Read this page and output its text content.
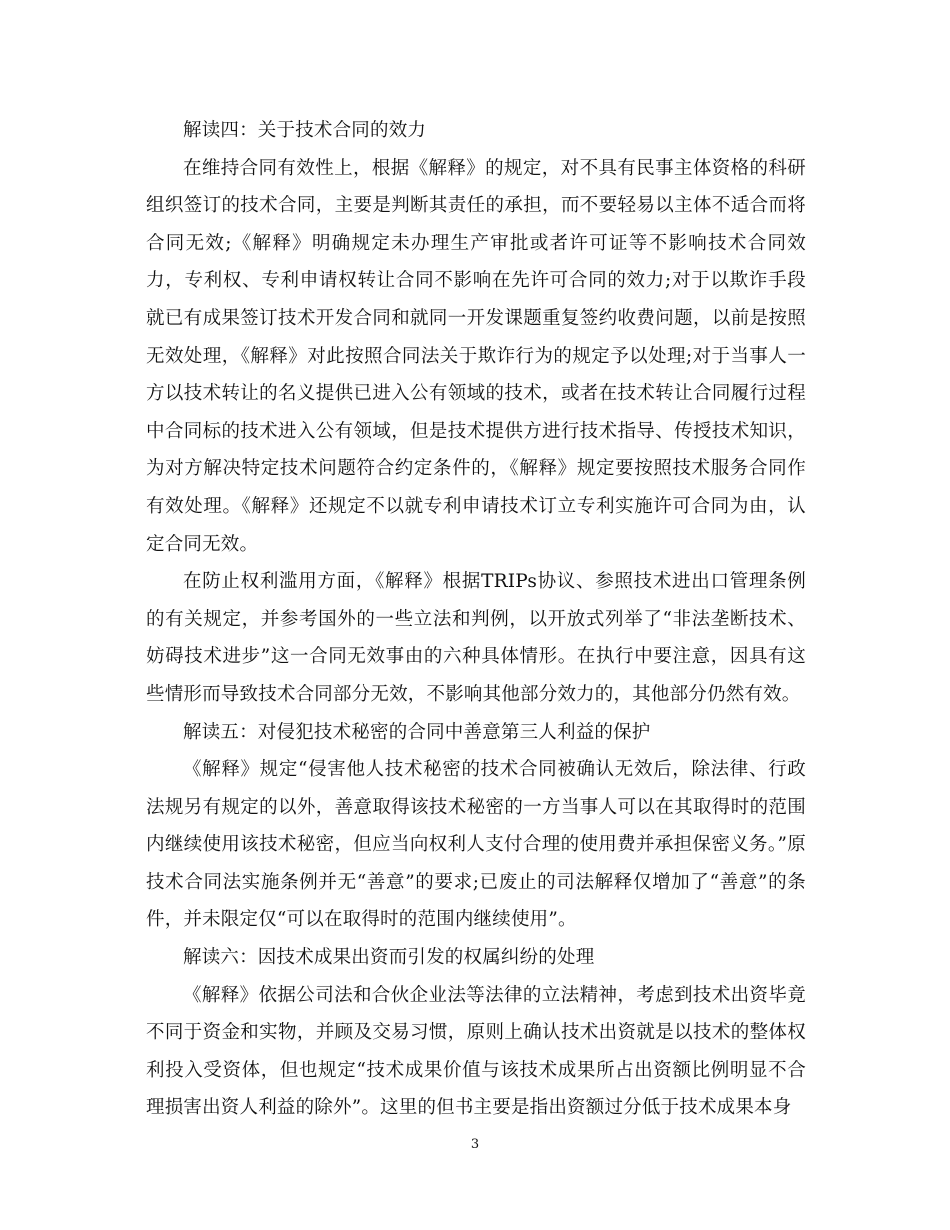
解读四：关于技术合同的效力

在维持合同有效性上，根据《解释》的规定，对不具有民事主体资格的科研组织签订的技术合同，主要是判断其责任的承担，而不要轻易以主体不适合而将合同无效;《解释》明确规定未办理生产审批或者许可证等不影响技术合同效力，专利权、专利申请权转让合同不影响在先许可合同的效力;对于以欺诈手段就已有成果签订技术开发合同和就同一开发课题重复签约收费问题，以前是按照无效处理，《解释》对此按照合同法关于欺诈行为的规定予以处理;对于当事人一方以技术转让的名义提供已进入公有领域的技术，或者在技术转让合同履行过程中合同标的技术进入公有领域，但是技术提供方进行技术指导、传授技术知识，为对方解决特定技术问题符合约定条件的，《解释》规定要按照技术服务合同作有效处理。《解释》还规定不以就专利申请技术订立专利实施许可合同为由，认定合同无效。

在防止权利滥用方面，《解释》根据TRIPs协议、参照技术进出口管理条例的有关规定，并参考国外的一些立法和判例，以开放式列举了“非法垄断技术、妨碍技术进步”这一合同无效事由的六种具体情形。在执行中要注意，因具有这些情形而导致技术合同部分无效，不影响其他部分效力的，其他部分仍然有效。

解读五：对侵犯技术秘密的合同中善意第三人利益的保护

《解释》规定“侵害他人技术秘密的技术合同被确认无效后，除法律、行政法规另有规定的以外，善意取得该技术秘密的一方当事人可以在其取得时的范围内继续使用该技术秘密，但应当向权利人支付合理的使用费并承担保密义务。”原技术合同法实施条例并无“善意”的要求;已废止的司法解释仅增加了“善意”的条件，并未限定仅“可以在取得时的范围内继续使用”。

解读六：因技术成果出资而引发的权属纠纷的处理

《解释》依据公司法和合伙企业法等法律的立法精神，考虑到技术出资毕竟不同于资金和实物，并顾及交易习惯，原则上确认技术出资就是以技术的整体权利投入受资体，但也规定“技术成果价值与该技术成果所占出资额比例明显不合理损害出资人利益的除外”。这里的但书主要是指出资额过分低于技术成果本身

3
